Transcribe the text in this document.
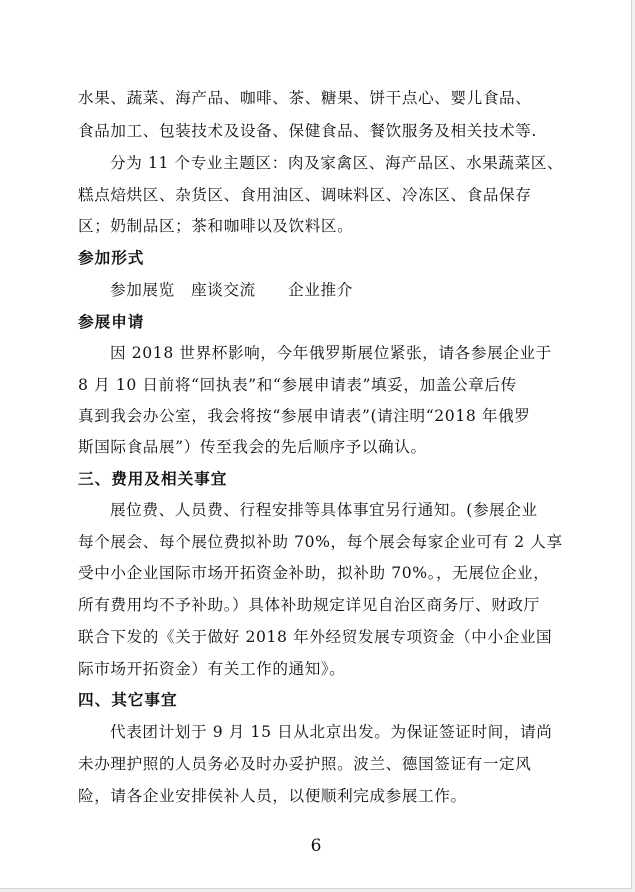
水果、蔬菜、海产品、咖啡、茶、糖果、饼干点心、婴儿食品、
食品加工、包装技术及设备、保健食品、餐饮服务及相关技术等.
分为 11 个专业主题区：肉及家禽区、海产品区、水果蔬菜区、
糕点焙烘区、杂货区、食用油区、调味料区、冷冻区、食品保存
区；奶制品区；茶和咖啡以及饮料区。
参加形式
参加展览　座谈交流　　企业推介
参展申请
因 2018 世界杯影响，今年俄罗斯展位紧张，请各参展企业于
8 月 10 日前将“回执表”和“参展申请表”填妥，加盖公章后传
真到我会办公室，我会将按“参展申请表”(请注明“2018 年俄罗
斯国际食品展”）传至我会的先后顺序予以确认。
三、费用及相关事宜
展位费、人员费、行程安排等具体事宜另行通知。(参展企业
每个展会、每个展位费拟补助 70%，每个展会每家企业可有 2 人享
受中小企业国际市场开拓资金补助，拟补助 70%。，无展位企业，
所有费用均不予补助。）具体补助规定详见自治区商务厅、财政厅
联合下发的《关于做好 2018 年外经贸发展专项资金（中小企业国
际市场开拓资金）有关工作的通知》。
四、其它事宜
代表团计划于 9 月 15 日从北京出发。为保证签证时间，请尚
未办理护照的人员务必及时办妥护照。波兰、德国签证有一定风
险，请各企业安排侯补人员，以便顺利完成参展工作。
6
